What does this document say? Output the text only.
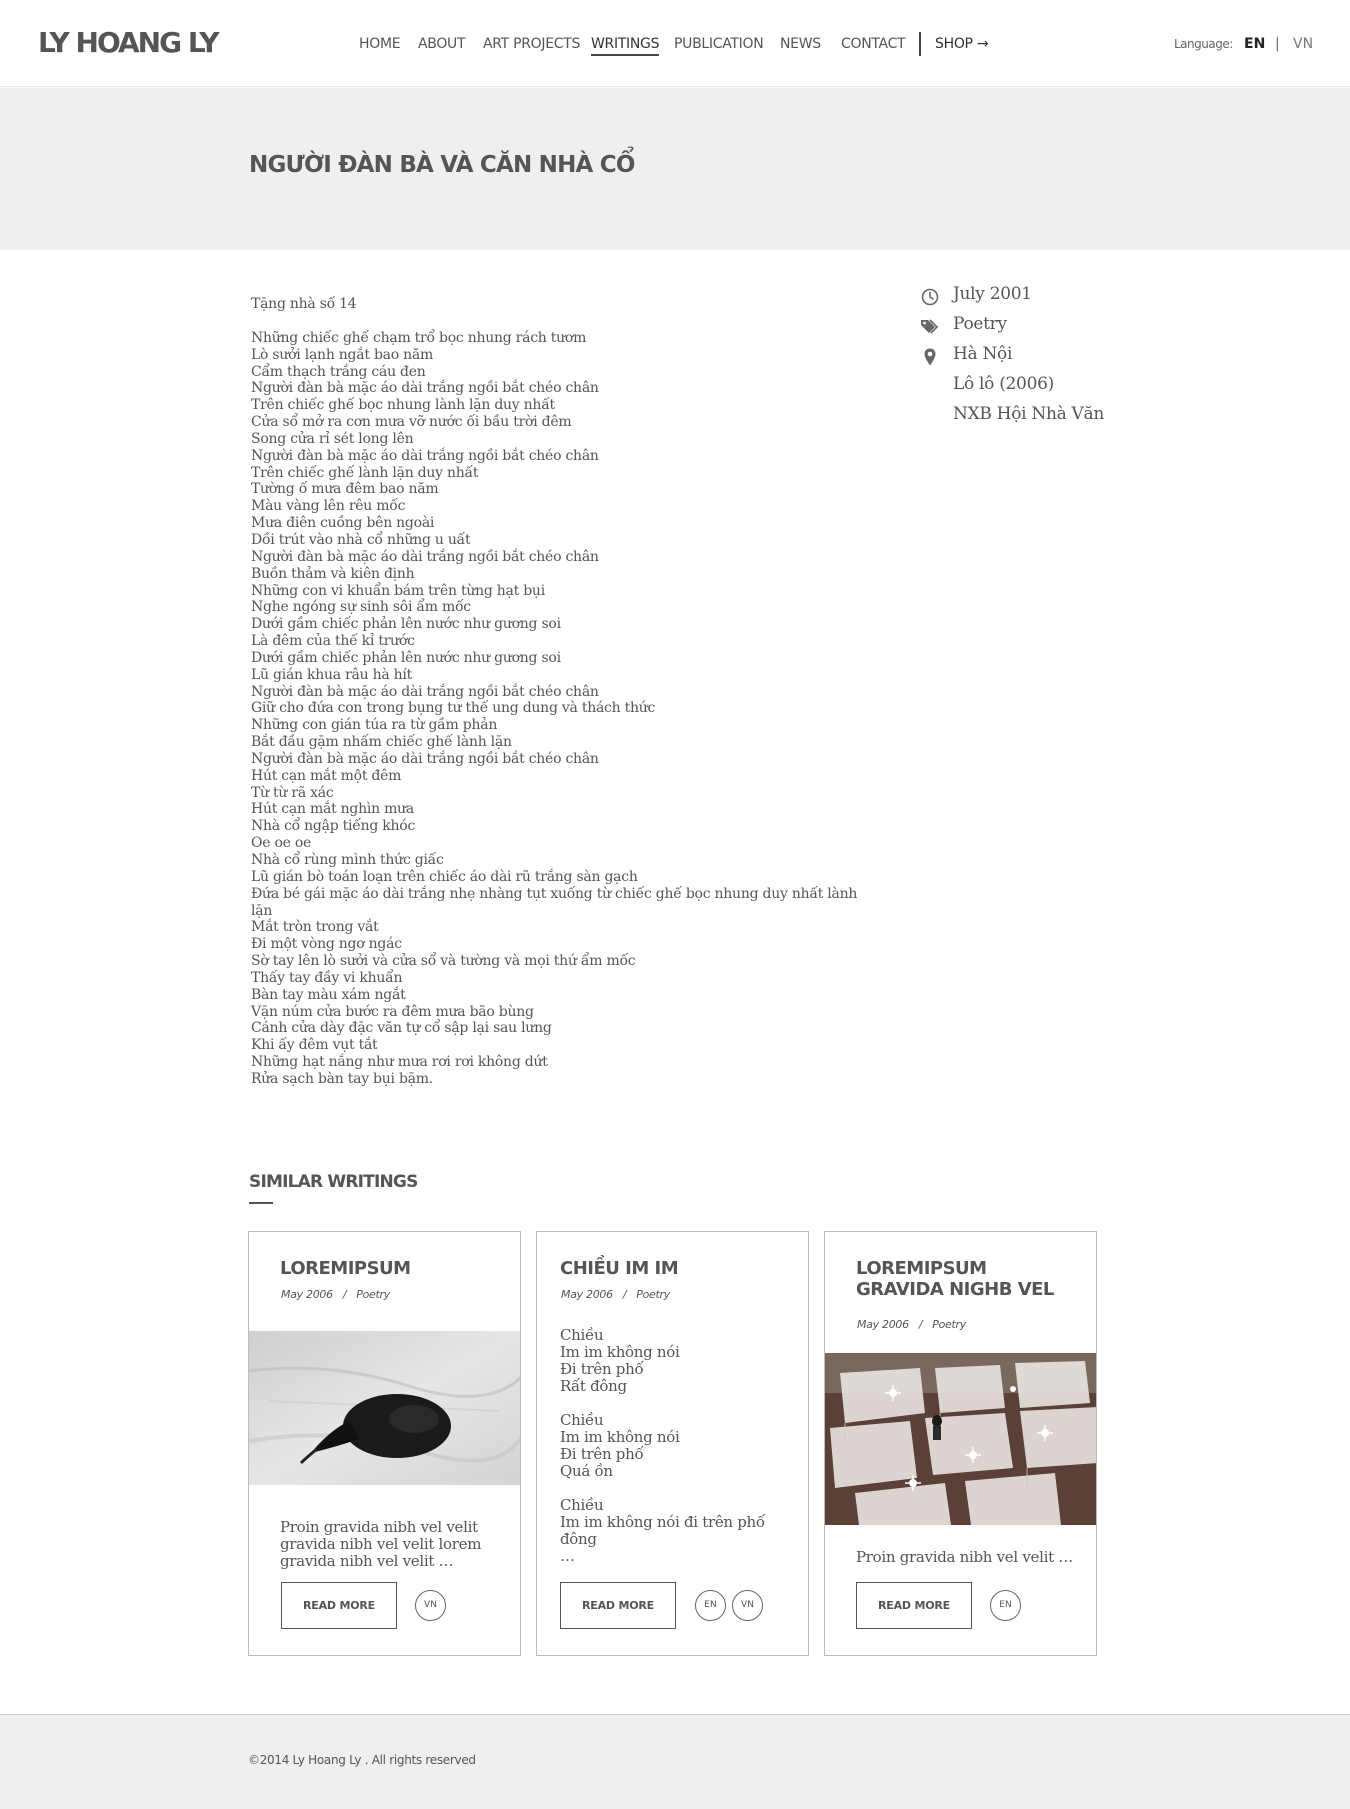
LY HOANG LY	HOME ABOUT ART PROJECTS WRITINGS PUBLICATION NEWS CONTACT SHOP →	Language: EN | VN
NGƯỜI ĐÀN BÀ VÀ CĂN NHÀ CỔ
Tặng nhà số 14
Những chiếc ghế chạm trổ bọc nhung rách tươm
Lò sưởi lạnh ngắt bao năm
Cẩm thạch trắng cáu đen
Người đàn bà mặc áo dài trắng ngồi bắt chéo chân
Trên chiếc ghế bọc nhung lành lặn duy nhất
Cửa sổ mở ra cơn mưa vỡ nước ối bầu trời đêm
Song cửa rỉ sét long lên
Người đàn bà mặc áo dài trắng ngồi bắt chéo chân
Trên chiếc ghế lành lặn duy nhất
Tường ố mưa đêm bao năm
Màu vàng lên rêu mốc
Mưa điên cuồng bên ngoài
Dồi trút vào nhà cổ những u uất
Người đàn bà mặc áo dài trắng ngồi bắt chéo chân
Buồn thảm và kiên định
Những con vi khuẩn bám trên từng hạt bụi
Nghe ngóng sự sinh sôi ẩm mốc
Dưới gầm chiếc phản lên nước như gương soi
Là đêm của thế kỉ trước
Dưới gầm chiếc phản lên nước như gương soi
Lũ gián khua râu hà hít
Người đàn bà mặc áo dài trắng ngồi bắt chéo chân
Giữ cho đứa con trong bụng tư thế ung dung và thách thức
Những con gián túa ra từ gầm phản
Bắt đầu gặm nhấm chiếc ghế lành lặn
Người đàn bà mặc áo dài trắng ngồi bắt chéo chân
Hút cạn mắt một đêm
Từ từ rã xác
Hút cạn mắt nghìn mưa
Nhà cổ ngập tiếng khóc
Oe oe oe
Nhà cổ rùng mình thức giấc
Lũ gián bò toán loạn trên chiếc áo dài rũ trắng sàn gạch
Đứa bé gái mặc áo dài trắng nhẹ nhàng tụt xuống từ chiếc ghế bọc nhung duy nhất lành lặn
Mắt tròn trong vắt
Đi một vòng ngơ ngác
Sờ tay lên lò sưởi và cửa sổ và tường và mọi thứ ẩm mốc
Thấy tay đầy vi khuẩn
Bàn tay màu xám ngắt
Vặn núm cửa bước ra đêm mưa bão bùng
Cánh cửa dày đặc văn tự cổ sập lại sau lưng
Khi ấy đêm vụt tắt
Những hạt nắng như mưa rơi rơi không dứt
Rửa sạch bàn tay bụi bặm.
July 2001
Poetry
Hà Nội
Lô lô (2006)
NXB Hội Nhà Văn
SIMILAR WRITINGS
LOREMIPSUM
May 2006 / Poetry
Proin gravida nibh vel velit gravida nibh vel velit lorem gravida nibh vel velit …
READ MORE	VN
CHIỀU IM IM
May 2006 / Poetry
Chiều
Im im không nói
Đi trên phố
Rất đông
Chiều
Im im không nói
Đi trên phố
Quá ồn
Chiều
Im im không nói đi trên phố
đông
…
READ MORE	EN	VN
LOREMIPSUM GRAVIDA NIGHB VEL
May 2006 / Poetry
Proin gravida nibh vel velit …
READ MORE	EN
©2014 Ly Hoang Ly . All rights reserved
